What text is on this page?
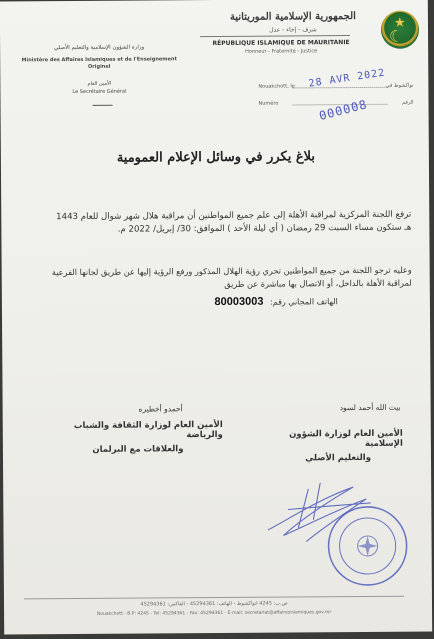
★
☾
الجمهورية الإسلامية الموريتانية
شرف - إخاء - عدل
RÉPUBLIQUE ISLAMIQUE DE MAURITANIE
Honneur - Fraternité - Justice
وزارة الشؤون الإسلامية والتعليم الأصلي
Ministère des Affaires Islamiques et de l'Enseignement Originel
الأمين العام
Le Secrétaire Général
Nouakchott, le	نواكشوط في
Numéro	الرقم
28 AVR 2022
000008
بلاغ يكرر في وسائل الإعلام العمومية
ترفع اللجنة المركزية لمراقبة الأهلة إلى علم جميع المواطنين أن مراقبة هلال شهر شوال للعام 1443 هـ ستكون مساء السبت 29 رمضان ( أي ليلة الأحد ) الموافق: 30/ إبريل/ 2022 م.
وعليه ترجو اللجنة من جميع المواطنين تحري رؤية الهلال المذكور ورفع الرؤية إليها عن طريق لجانها الفرعية لمراقبة الأهلة بالداخل، أو الاتصال بها مباشرة عن طريق
الهاتف المجاني رقم: 80003003
بيت الله أحمد لسود
الأمين العام لوزارة الشؤون الإسلامية
والتعليم الأصلي
أحمدو أخطيره
الأمين العام لوزارة الثقافة والشباب والرياضة
والعلاقات مع البرلمان
ص.ب: 4245 انواكشوط - الهاتف: 45294361 - الفاكس: 45294361
Nouakchott - B.P: 4245 - Tel: 45294361 - Fax: 45294361 - E-mail: secretariat@affairesislamiques.gov.mr
